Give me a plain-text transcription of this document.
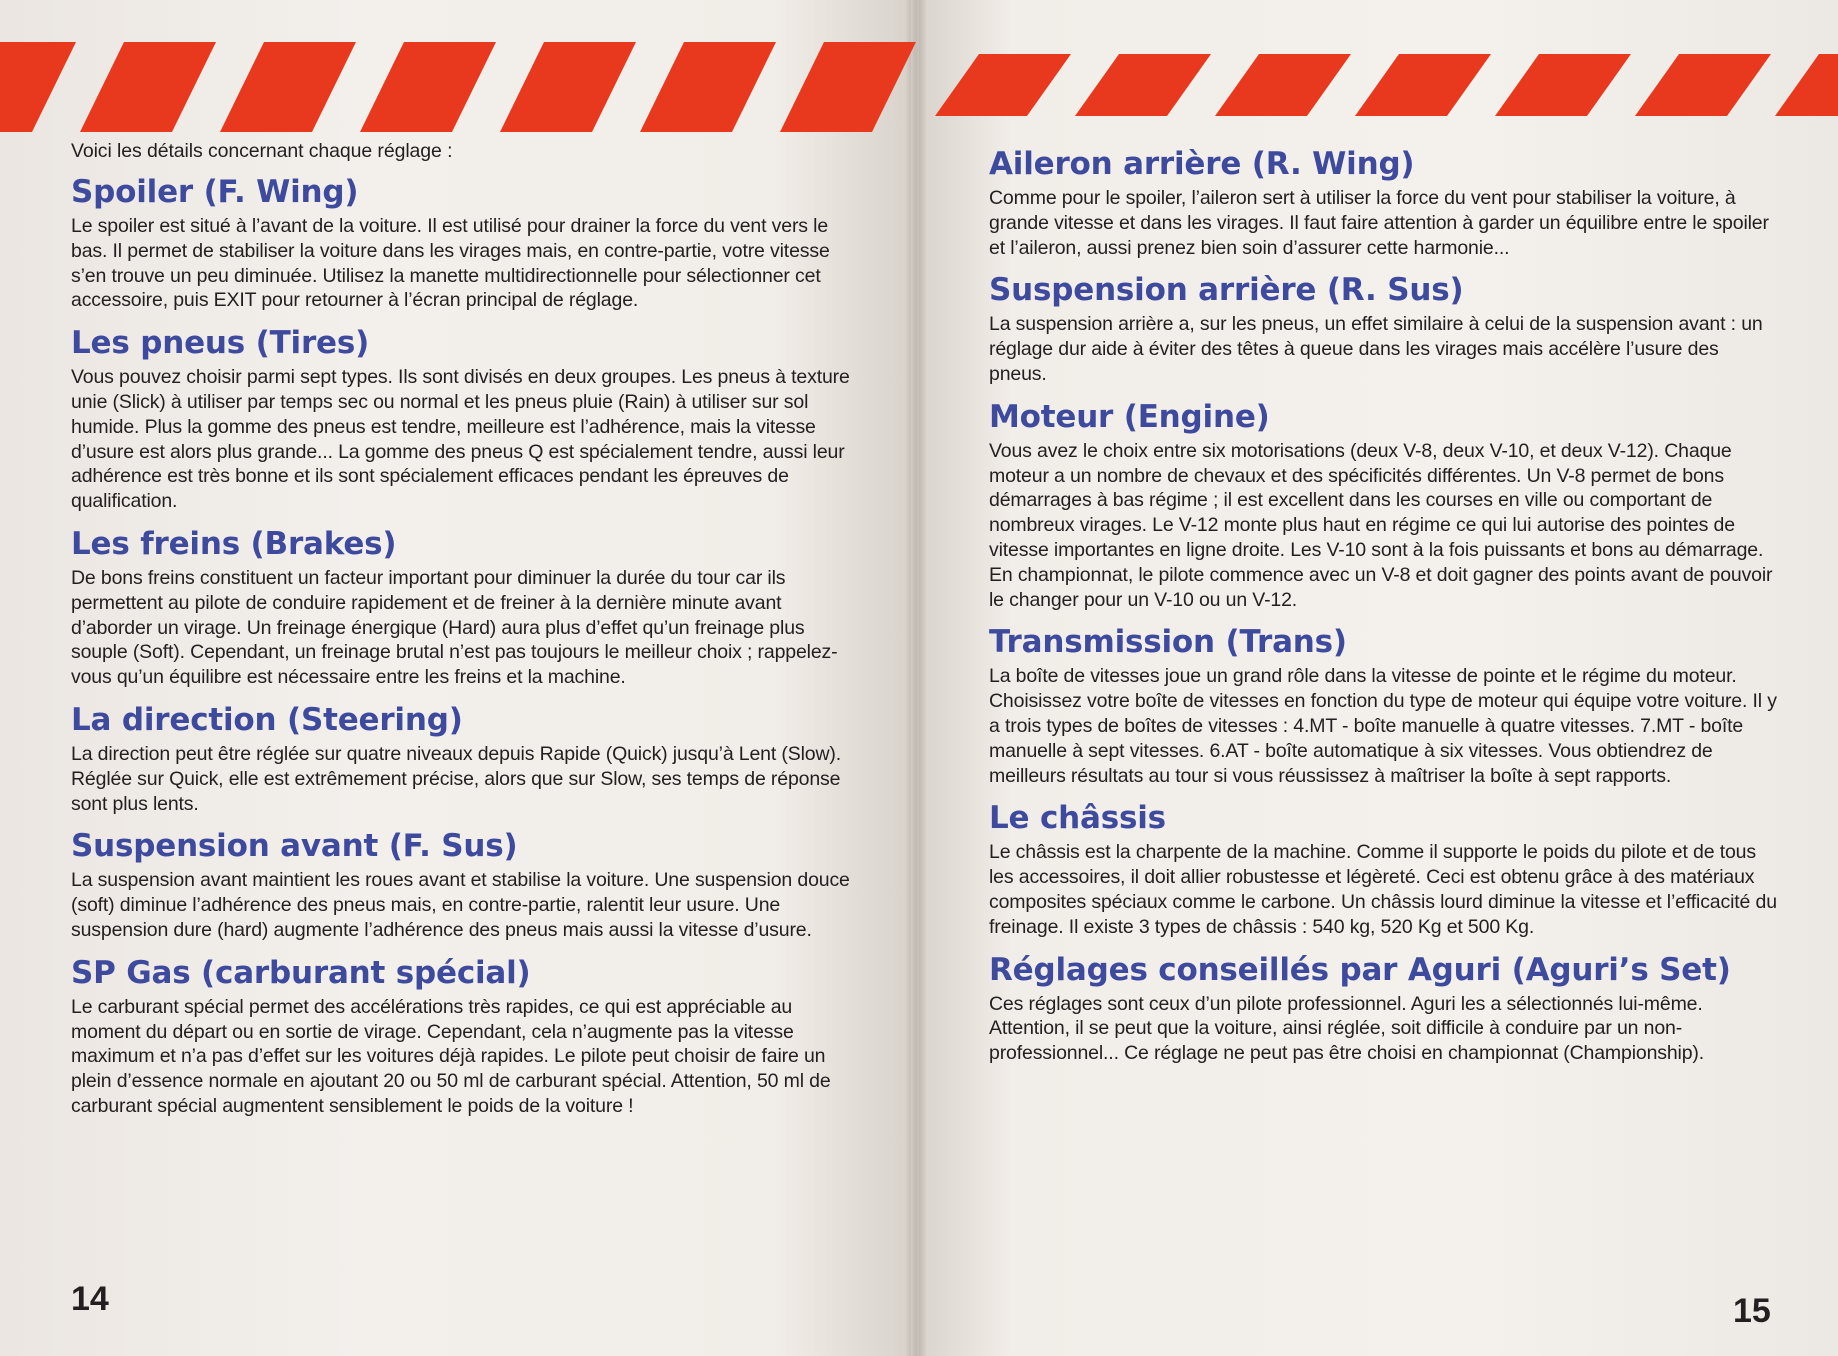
Voici les détails concernant chaque réglage :

Spoiler (F. Wing)

Le spoiler est situé à l’avant de la voiture. Il est utilisé pour drainer la force du vent vers le bas. Il permet de stabiliser la voiture dans les virages mais, en contre-partie, votre vitesse s’en trouve un peu diminuée. Utilisez la manette multidirectionnelle pour sélectionner cet accessoire, puis EXIT pour retourner à l’écran principal de réglage.

Les pneus (Tires)

Vous pouvez choisir parmi sept types. Ils sont divisés en deux groupes. Les pneus à texture unie (Slick) à utiliser par temps sec ou normal et les pneus pluie (Rain) à utiliser sur sol humide. Plus la gomme des pneus est tendre, meilleure est l’adhérence, mais la vitesse d’usure est alors plus grande... La gomme des pneus Q est spécialement tendre, aussi leur adhérence est très bonne et ils sont spécialement efficaces pendant les épreuves de qualification.

Les freins (Brakes)

De bons freins constituent un facteur important pour diminuer la durée du tour car ils permettent au pilote de conduire rapidement et de freiner à la dernière minute avant d’aborder un virage. Un freinage énergique (Hard) aura plus d’effet qu’un freinage plus souple (Soft). Cependant, un freinage brutal n’est pas toujours le meilleur choix ; rappelez-vous qu’un équilibre est nécessaire entre les freins et la machine.

La direction (Steering)

La direction peut être réglée sur quatre niveaux depuis Rapide (Quick) jusqu’à Lent (Slow). Réglée sur Quick, elle est extrêmement précise, alors que sur Slow, ses temps de réponse sont plus lents.

Suspension avant (F. Sus)

La suspension avant maintient les roues avant et stabilise la voiture. Une suspension douce (soft) diminue l’adhérence des pneus mais, en contre-partie, ralentit leur usure. Une suspension dure (hard) augmente l’adhérence des pneus mais aussi la vitesse d’usure.

SP Gas (carburant spécial)

Le carburant spécial permet des accélérations très rapides, ce qui est appréciable au moment du départ ou en sortie de virage. Cependant, cela n’augmente pas la vitesse maximum et n’a pas d’effet sur les voitures déjà rapides. Le pilote peut choisir de faire un plein d’essence normale en ajoutant 20 ou 50 ml de carburant spécial. Attention, 50 ml de carburant spécial augmentent sensiblement le poids de la voiture !

Aileron arrière (R. Wing)

Comme pour le spoiler, l’aileron sert à utiliser la force du vent pour stabiliser la voiture, à grande vitesse et dans les virages. Il faut faire attention à garder un équilibre entre le spoiler et l’aileron, aussi prenez bien soin d’assurer cette harmonie...

Suspension arrière (R. Sus)

La suspension arrière a, sur les pneus, un effet similaire à celui de la suspension avant : un réglage dur aide à éviter des têtes à queue dans les virages mais accélère l’usure des pneus.

Moteur (Engine)

Vous avez le choix entre six motorisations (deux V-8, deux V-10, et deux V-12). Chaque moteur a un nombre de chevaux et des spécificités différentes. Un V-8 permet de bons démarrages à bas régime ; il est excellent dans les courses en ville ou comportant de nombreux virages. Le V-12 monte plus haut en régime ce qui lui autorise des pointes de vitesse importantes en ligne droite. Les V-10 sont à la fois puissants et bons au démarrage. En championnat, le pilote commence avec un V-8 et doit gagner des points avant de pouvoir le changer pour un V-10 ou un V-12.

Transmission (Trans)

La boîte de vitesses joue un grand rôle dans la vitesse de pointe et le régime du moteur. Choisissez votre boîte de vitesses en fonction du type de moteur qui équipe votre voiture. Il y a trois types de boîtes de vitesses : 4.MT - boîte manuelle à quatre vitesses. 7.MT - boîte manuelle à sept vitesses. 6.AT - boîte automatique à six vitesses. Vous obtiendrez de meilleurs résultats au tour si vous réussissez à maîtriser la boîte à sept rapports.

Le châssis

Le châssis est la charpente de la machine. Comme il supporte le poids du pilote et de tous les accessoires, il doit allier robustesse et légèreté. Ceci est obtenu grâce à des matériaux composites spéciaux comme le carbone. Un châssis lourd diminue la vitesse et l’efficacité du freinage. Il existe 3 types de châssis : 540 kg, 520 Kg et 500 Kg.

Réglages conseillés par Aguri (Aguri’s Set)

Ces réglages sont ceux d’un pilote professionnel. Aguri les a sélectionnés lui-même. Attention, il se peut que la voiture, ainsi réglée, soit difficile à conduire par un non-professionnel... Ce réglage ne peut pas être choisi en championnat (Championship).

14	15
